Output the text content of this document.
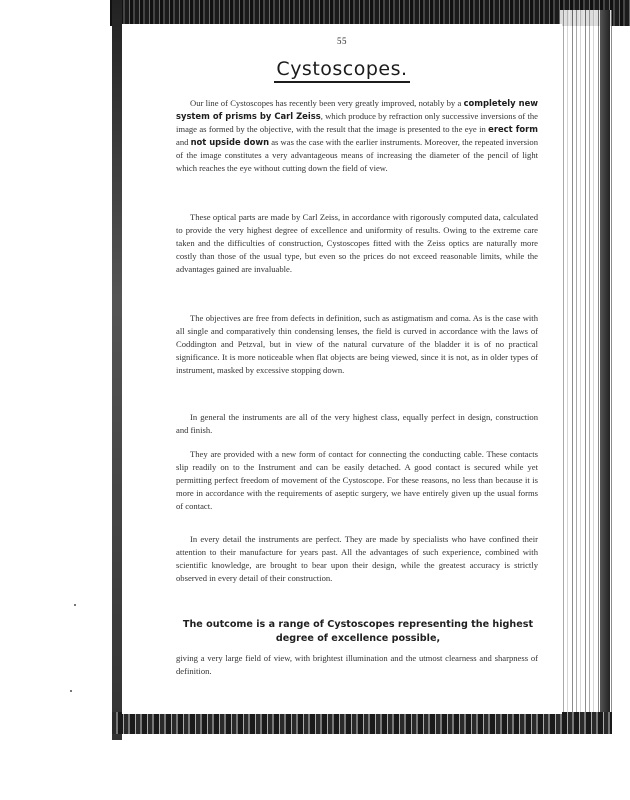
55
Cystoscopes.

Our line of Cystoscopes has recently been very greatly improved, notably by a completely new system of prisms by Carl Zeiss, which produce by refraction only successive inversions of the image as formed by the objective, with the result that the image is presented to the eye in erect form and not upside down as was the case with the earlier instruments. Moreover, the repeated inversion of the image constitutes a very advantageous means of increasing the diameter of the pencil of light which reaches the eye without cutting down the field of view.

These optical parts are made by Carl Zeiss, in accordance with rigorously computed data, calculated to provide the very highest degree of excellence and uniformity of results. Owing to the extreme care taken and the difficulties of construction, Cystoscopes fitted with the Zeiss optics are naturally more costly than those of the usual type, but even so the prices do not exceed reasonable limits, while the advantages gained are invaluable.

The objectives are free from defects in definition, such as astigmatism and coma. As is the case with all single and comparatively thin condensing lenses, the field is curved in accordance with the laws of Coddington and Petzval, but in view of the natural curvature of the bladder it is of no practical significance. It is more noticeable when flat objects are being viewed, since it is not, as in older types of instrument, masked by excessive stopping down.

In general the instruments are all of the very highest class, equally perfect in design, construction and finish.

They are provided with a new form of contact for connecting the conducting cable. These contacts slip readily on to the Instrument and can be easily detached. A good contact is secured while yet permitting perfect freedom of movement of the Cystoscope. For these reasons, no less than because it is more in accordance with the requirements of aseptic surgery, we have entirely given up the usual forms of contact.

In every detail the instruments are perfect. They are made by specialists who have confined their attention to their manufacture for years past. All the advantages of such experience, combined with scientific knowledge, are brought to bear upon their design, while the greatest accuracy is strictly observed in every detail of their construction.

The outcome is a range of Cystoscopes representing the highest degree of excellence possible,

giving a very large field of view, with brightest illumination and the utmost clearness and sharpness of definition.
